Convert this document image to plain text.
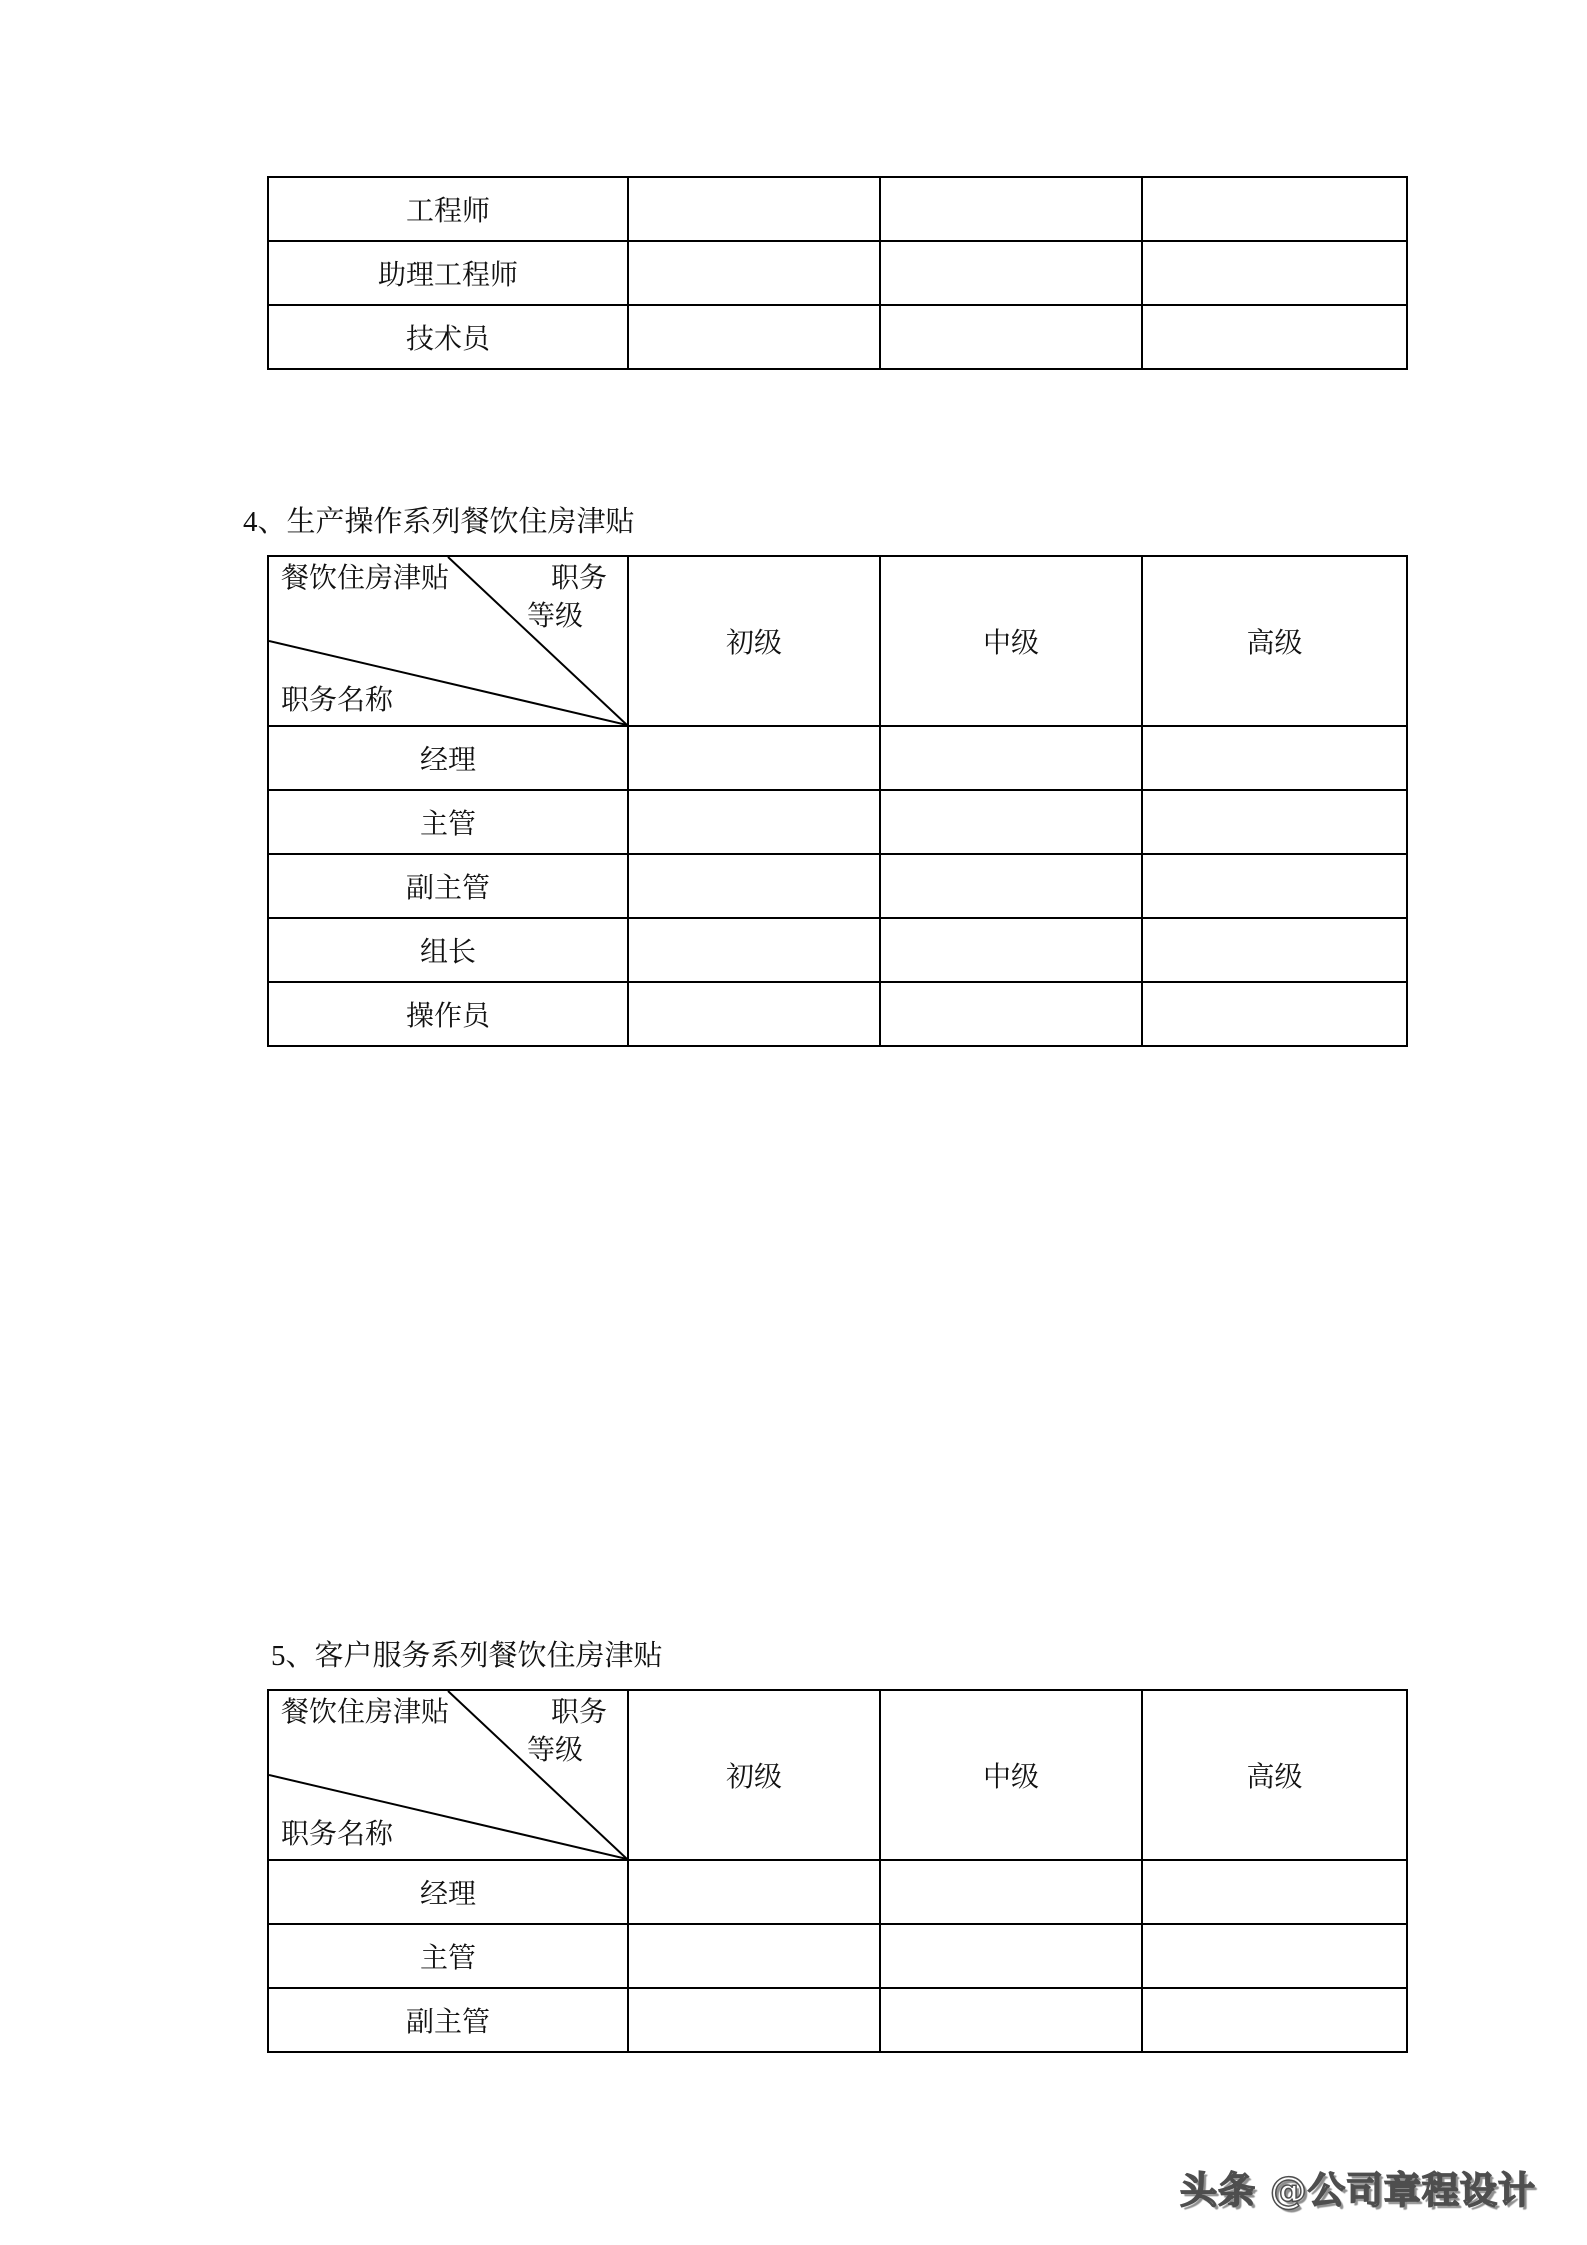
工程师			
助理工程师			
技术员			
4、生产操作系列餐饮住房津贴
餐饮住房津贴 职务
等级
职务名称	初级	中级	高级
经理			
主管			
副主管			
组长			
操作员			
5、客户服务系列餐饮住房津贴
餐饮住房津贴 职务
等级
职务名称	初级	中级	高级
经理			
主管			
副主管			
头条 @公司章程设计
